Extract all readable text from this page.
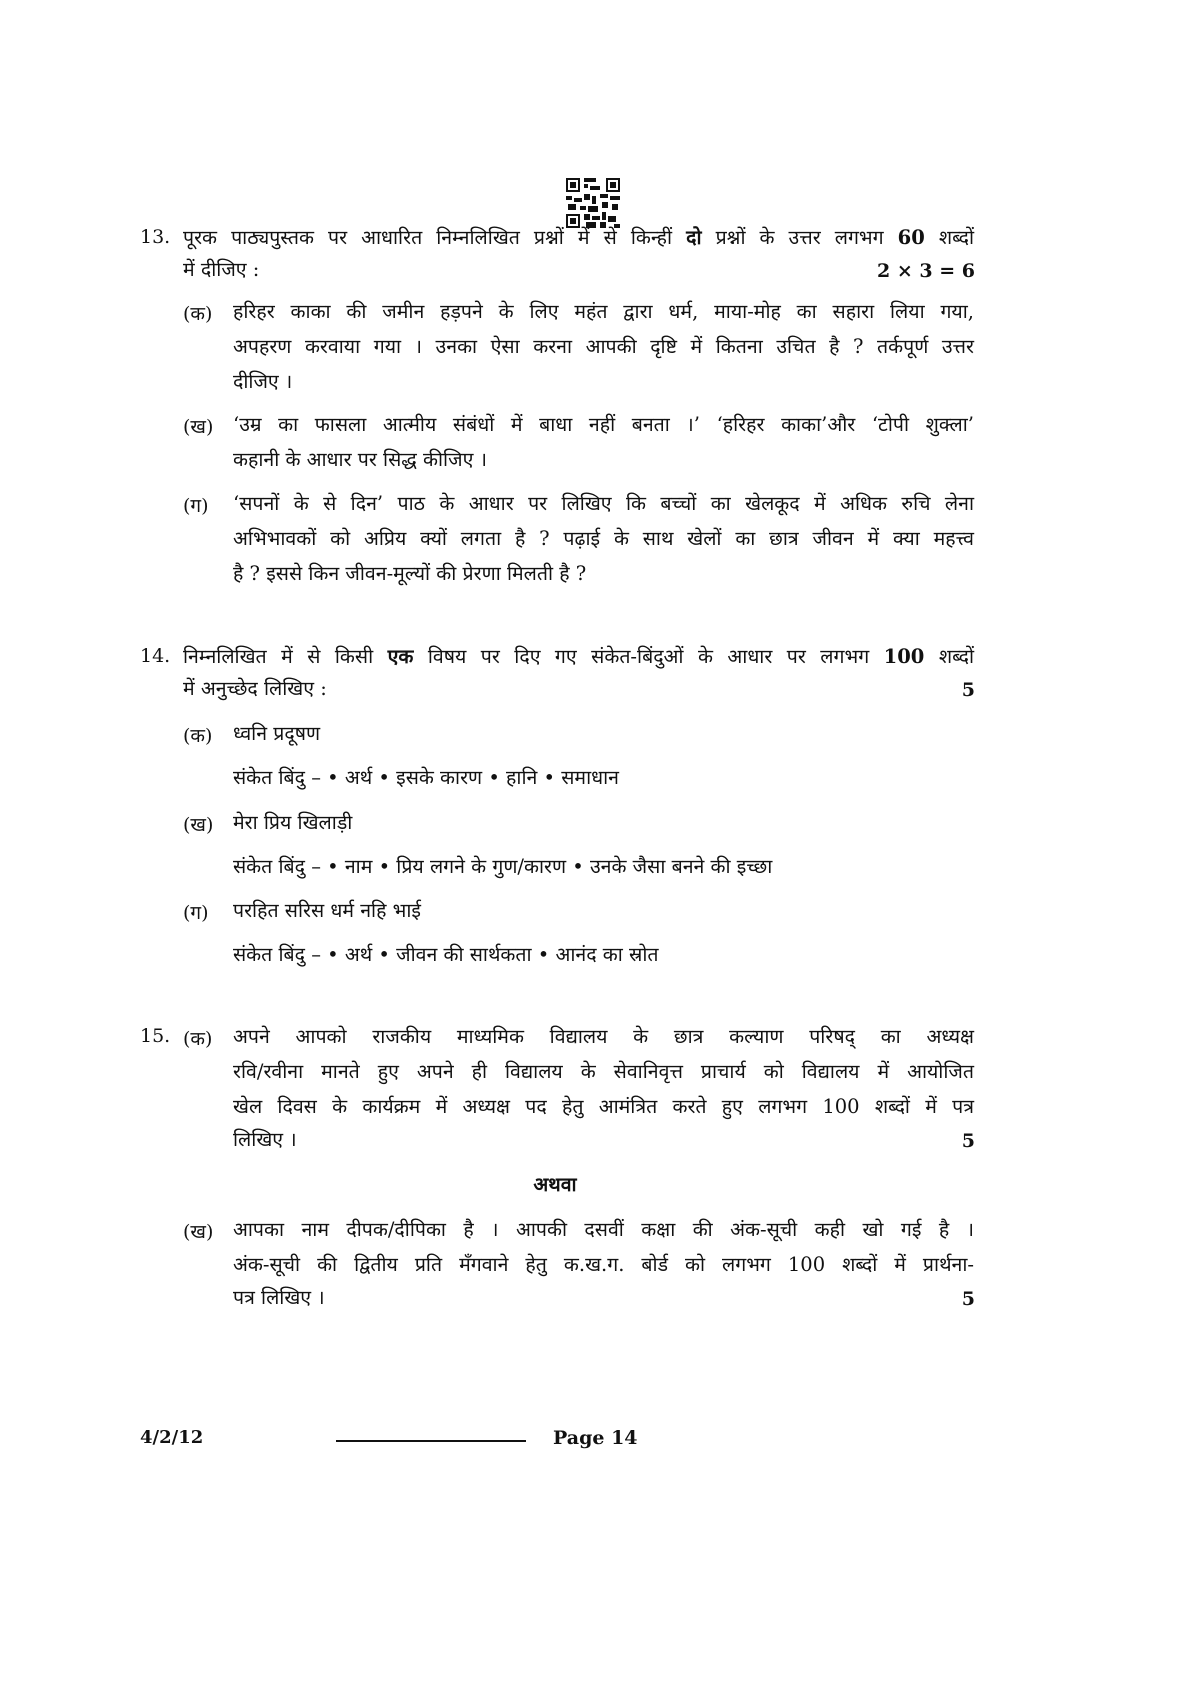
13. पूरक पाठ्यपुस्तक पर आधारित निम्नलिखित प्रश्नों में से किन्हीं दो प्रश्नों के उत्तर लगभग 60 शब्दों
में दीजिए :	2 × 3 = 6
(क) हरिहर काका की जमीन हड़पने के लिए महंत द्वारा धर्म, माया-मोह का सहारा लिया गया,
अपहरण करवाया गया । उनका ऐसा करना आपकी दृष्टि में कितना उचित है ? तर्कपूर्ण उत्तर
दीजिए ।
(ख) ‘उम्र का फासला आत्मीय संबंधों में बाधा नहीं बनता ।’ ‘हरिहर काका’और ‘टोपी शुक्ला’
कहानी के आधार पर सिद्ध कीजिए ।
(ग) ‘सपनों के से दिन’ पाठ के आधार पर लिखिए कि बच्चों का खेलकूद में अधिक रुचि लेना
अभिभावकों को अप्रिय क्यों लगता है ? पढ़ाई के साथ खेलों का छात्र जीवन में क्या महत्त्व
है ? इससे किन जीवन-मूल्यों की प्रेरणा मिलती है ?
14. निम्नलिखित में से किसी एक विषय पर दिए गए संकेत-बिंदुओं के आधार पर लगभग 100 शब्दों
में अनुच्छेद लिखिए :	5
(क) ध्वनि प्रदूषण
संकेत बिंदु – • अर्थ • इसके कारण • हानि • समाधान
(ख) मेरा प्रिय खिलाड़ी
संकेत बिंदु – • नाम • प्रिय लगने के गुण/कारण • उनके जैसा बनने की इच्छा
(ग) परहित सरिस धर्म नहि भाई
संकेत बिंदु – • अर्थ • जीवन की सार्थकता • आनंद का स्रोत
15. (क) अपने आपको राजकीय माध्यमिक विद्यालय के छात्र कल्याण परिषद् का अध्यक्ष
रवि/रवीना मानते हुए अपने ही विद्यालय के सेवानिवृत्त प्राचार्य को विद्यालय में आयोजित
खेल दिवस के कार्यक्रम में अध्यक्ष पद हेतु आमंत्रित करते हुए लगभग 100 शब्दों में पत्र
लिखिए ।	5
अथवा
(ख) आपका नाम दीपक/दीपिका है । आपकी दसवीं कक्षा की अंक-सूची कही खो गई है ।
अंक-सूची की द्वितीय प्रति मँगवाने हेतु क.ख.ग. बोर्ड को लगभग 100 शब्दों में प्रार्थना-
पत्र लिखिए ।	5
4/2/12	Page 14
